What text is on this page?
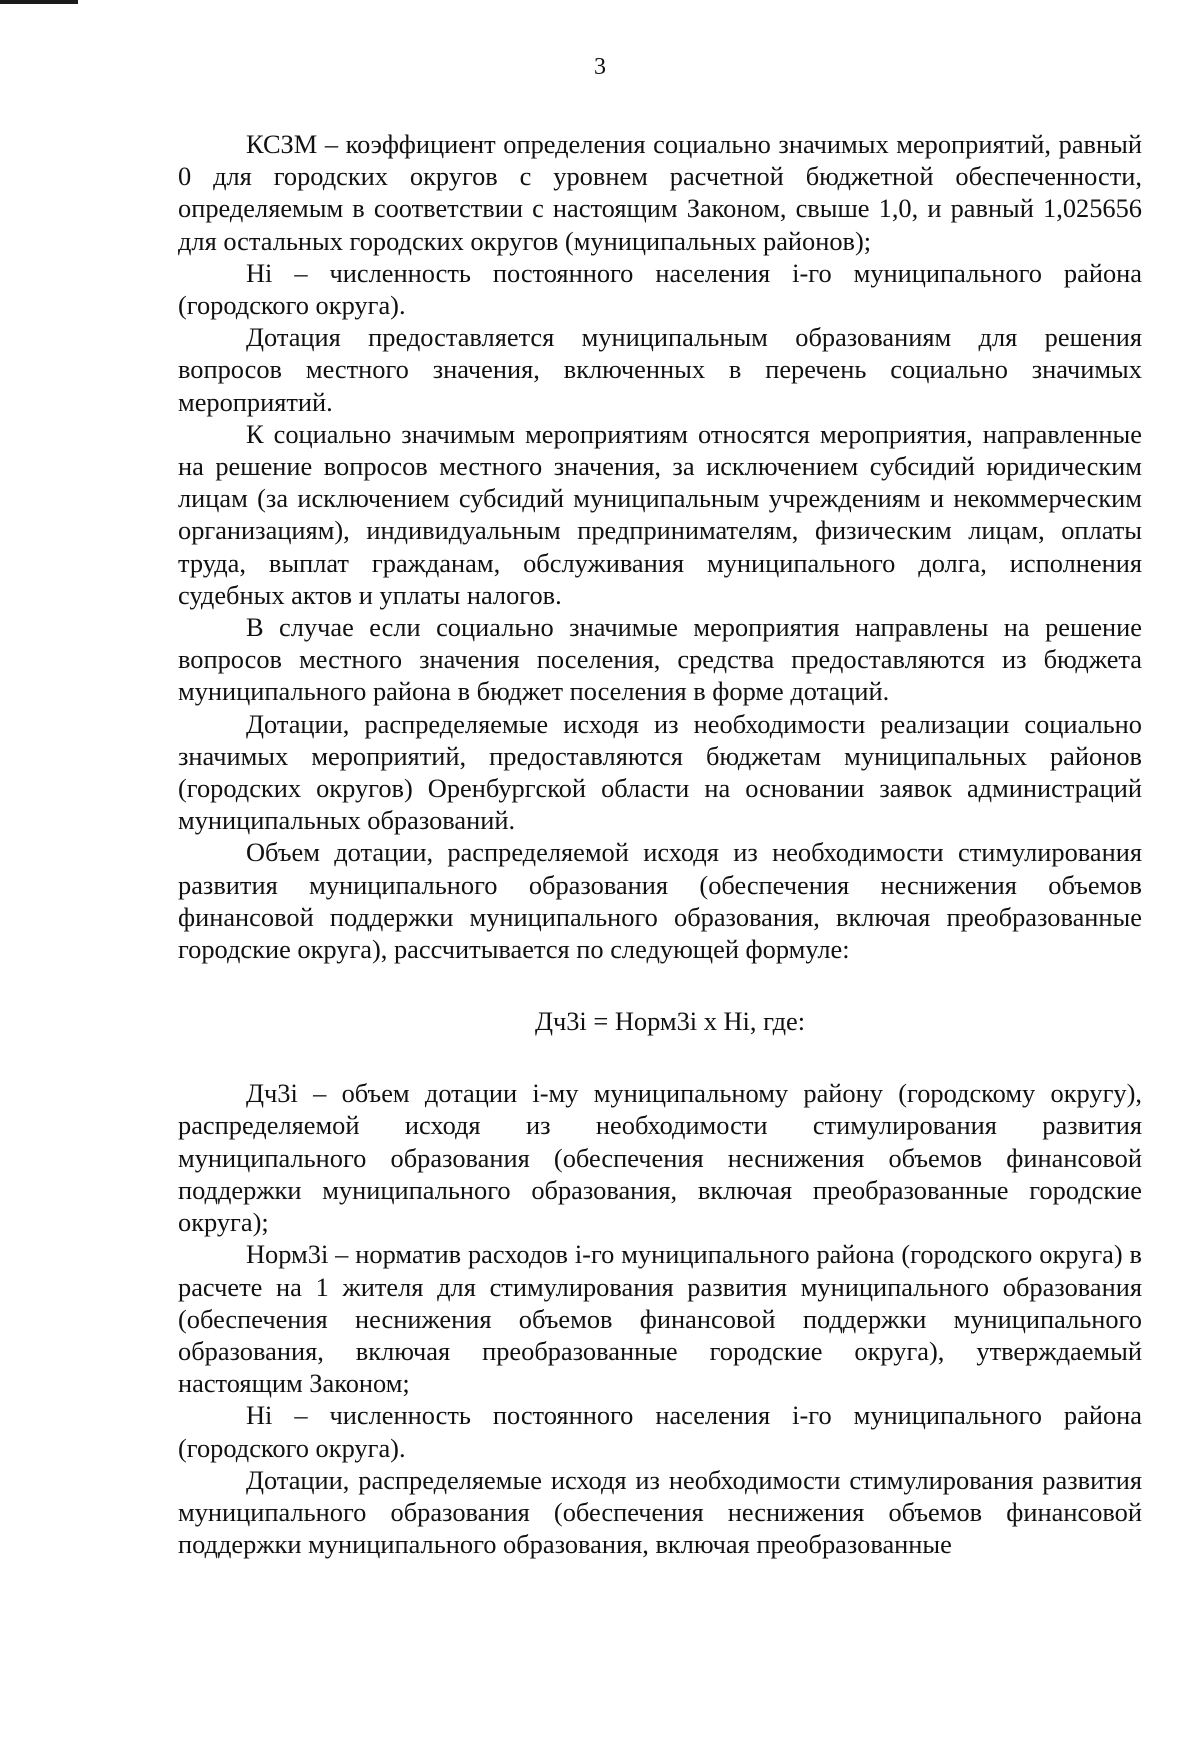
3

КСЗМ – коэффициент определения социально значимых мероприятий, равный 0 для городских округов с уровнем расчетной бюджетной обеспеченности, определяемым в соответствии с настоящим Законом, свыше 1,0, и равный 1,025656 для остальных городских округов (муниципальных районов);

Нi – численность постоянного населения i-го муниципального района (городского округа).

Дотация предоставляется муниципальным образованиям для решения вопросов местного значения, включенных в перечень социально значимых мероприятий.

К социально значимым мероприятиям относятся мероприятия, направленные на решение вопросов местного значения, за исключением субсидий юридическим лицам (за исключением субсидий муниципальным учреждениям и некоммерческим организациям), индивидуальным предпринимателям, физическим лицам, оплаты труда, выплат гражданам, обслуживания муниципального долга, исполнения судебных актов и уплаты налогов.

В случае если социально значимые мероприятия направлены на решение вопросов местного значения поселения, средства предоставляются из бюджета муниципального района в бюджет поселения в форме дотаций.

Дотации, распределяемые исходя из необходимости реализации социально значимых мероприятий, предоставляются бюджетам муниципальных районов (городских округов) Оренбургской области на основании заявок администраций муниципальных образований.

Объем дотации, распределяемой исходя из необходимости стимулирования развития муниципального образования (обеспечения неснижения объемов финансовой поддержки муниципального образования, включая преобразованные городские округа), рассчитывается по следующей формуле:

Дч3i = Норм3i х Нi, где:

Дч3i – объем дотации i-му муниципальному району (городскому округу), распределяемой исходя из необходимости стимулирования развития муниципального образования (обеспечения неснижения объемов финансовой поддержки муниципального образования, включая преобразованные городские округа);

Норм3i – норматив расходов i-го муниципального района (городского округа) в расчете на 1 жителя для стимулирования развития муниципального образования (обеспечения неснижения объемов финансовой поддержки муниципального образования, включая преобразованные городские округа), утверждаемый настоящим Законом;

Нi – численность постоянного населения i-го муниципального района (городского округа).

Дотации, распределяемые исходя из необходимости стимулирования развития муниципального образования (обеспечения неснижения объемов финансовой поддержки муниципального образования, включая преобразованные
